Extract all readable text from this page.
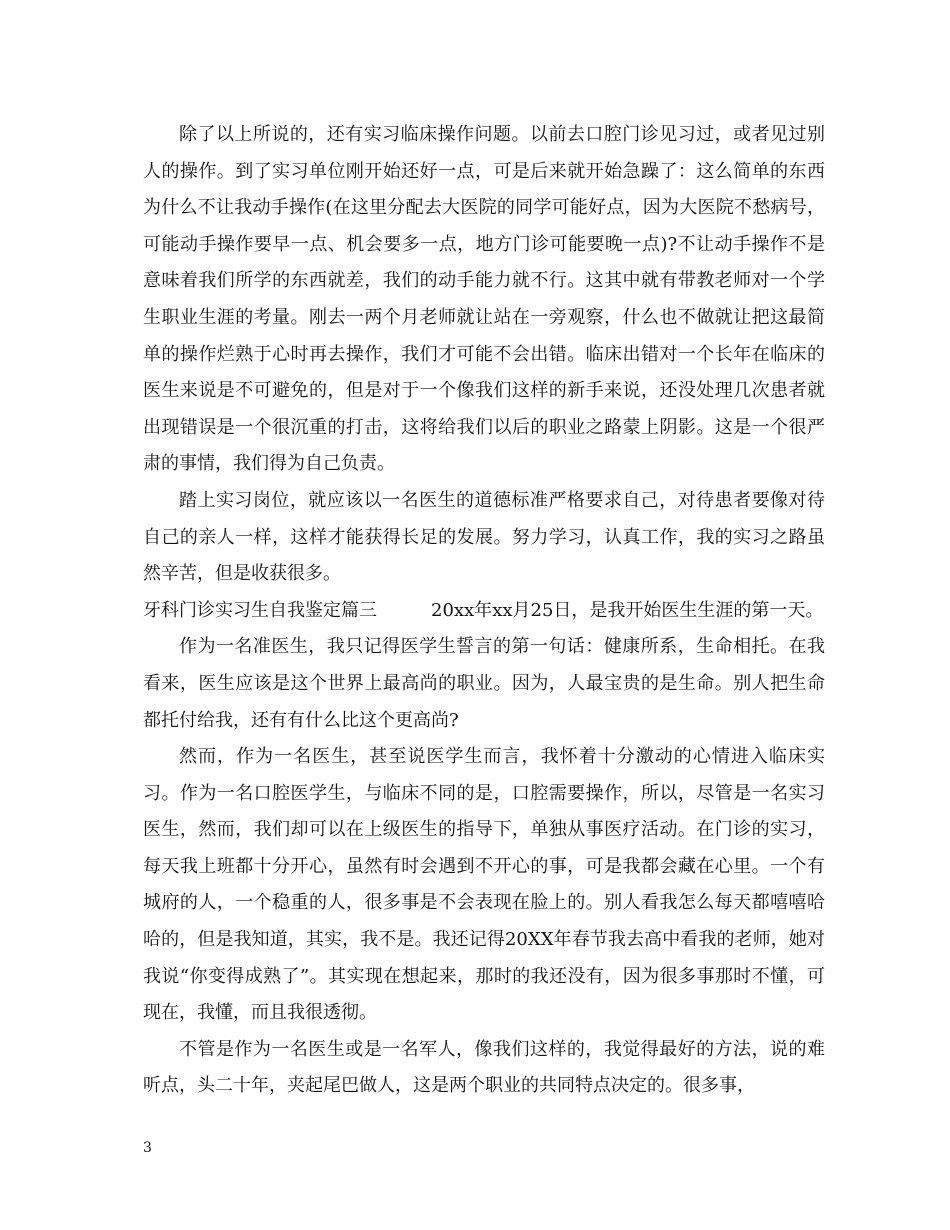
除了以上所说的，还有实习临床操作问题。以前去口腔门诊见习过，或者见过别人的操作。到了实习单位刚开始还好一点，可是后来就开始急躁了：这么简单的东西为什么不让我动手操作(在这里分配去大医院的同学可能好点，因为大医院不愁病号，可能动手操作要早一点、机会要多一点，地方门诊可能要晚一点)?不让动手操作不是意味着我们所学的东西就差，我们的动手能力就不行。这其中就有带教老师对一个学生职业生涯的考量。刚去一两个月老师就让站在一旁观察，什么也不做就让把这最简单的操作烂熟于心时再去操作，我们才可能不会出错。临床出错对一个长年在临床的医生来说是不可避免的，但是对于一个像我们这样的新手来说，还没处理几次患者就出现错误是一个很沉重的打击，这将给我们以后的职业之路蒙上阴影。这是一个很严肃的事情，我们得为自己负责。

踏上实习岗位，就应该以一名医生的道德标准严格要求自己，对待患者要像对待自己的亲人一样，这样才能获得长足的发展。努力学习，认真工作，我的实习之路虽然辛苦，但是收获很多。

牙科门诊实习生自我鉴定篇三	20xx年xx月25日，是我开始医生生涯的第一天。

作为一名准医生，我只记得医学生誓言的第一句话：健康所系，生命相托。在我看来，医生应该是这个世界上最高尚的职业。因为，人最宝贵的是生命。别人把生命都托付给我，还有有什么比这个更高尚?

然而，作为一名医生，甚至说医学生而言，我怀着十分激动的心情进入临床实习。作为一名口腔医学生，与临床不同的是，口腔需要操作，所以，尽管是一名实习医生，然而，我们却可以在上级医生的指导下，单独从事医疗活动。在门诊的实习，每天我上班都十分开心，虽然有时会遇到不开心的事，可是我都会藏在心里。一个有城府的人，一个稳重的人，很多事是不会表现在脸上的。别人看我怎么每天都嘻嘻哈哈的，但是我知道，其实，我不是。我还记得20XX年春节我去高中看我的老师，她对我说“你变得成熟了”。其实现在想起来，那时的我还没有，因为很多事那时不懂，可现在，我懂，而且我很透彻。

不管是作为一名医生或是一名军人，像我们这样的，我觉得最好的方法，说的难听点，头二十年，夹起尾巴做人，这是两个职业的共同特点决定的。很多事，

3
